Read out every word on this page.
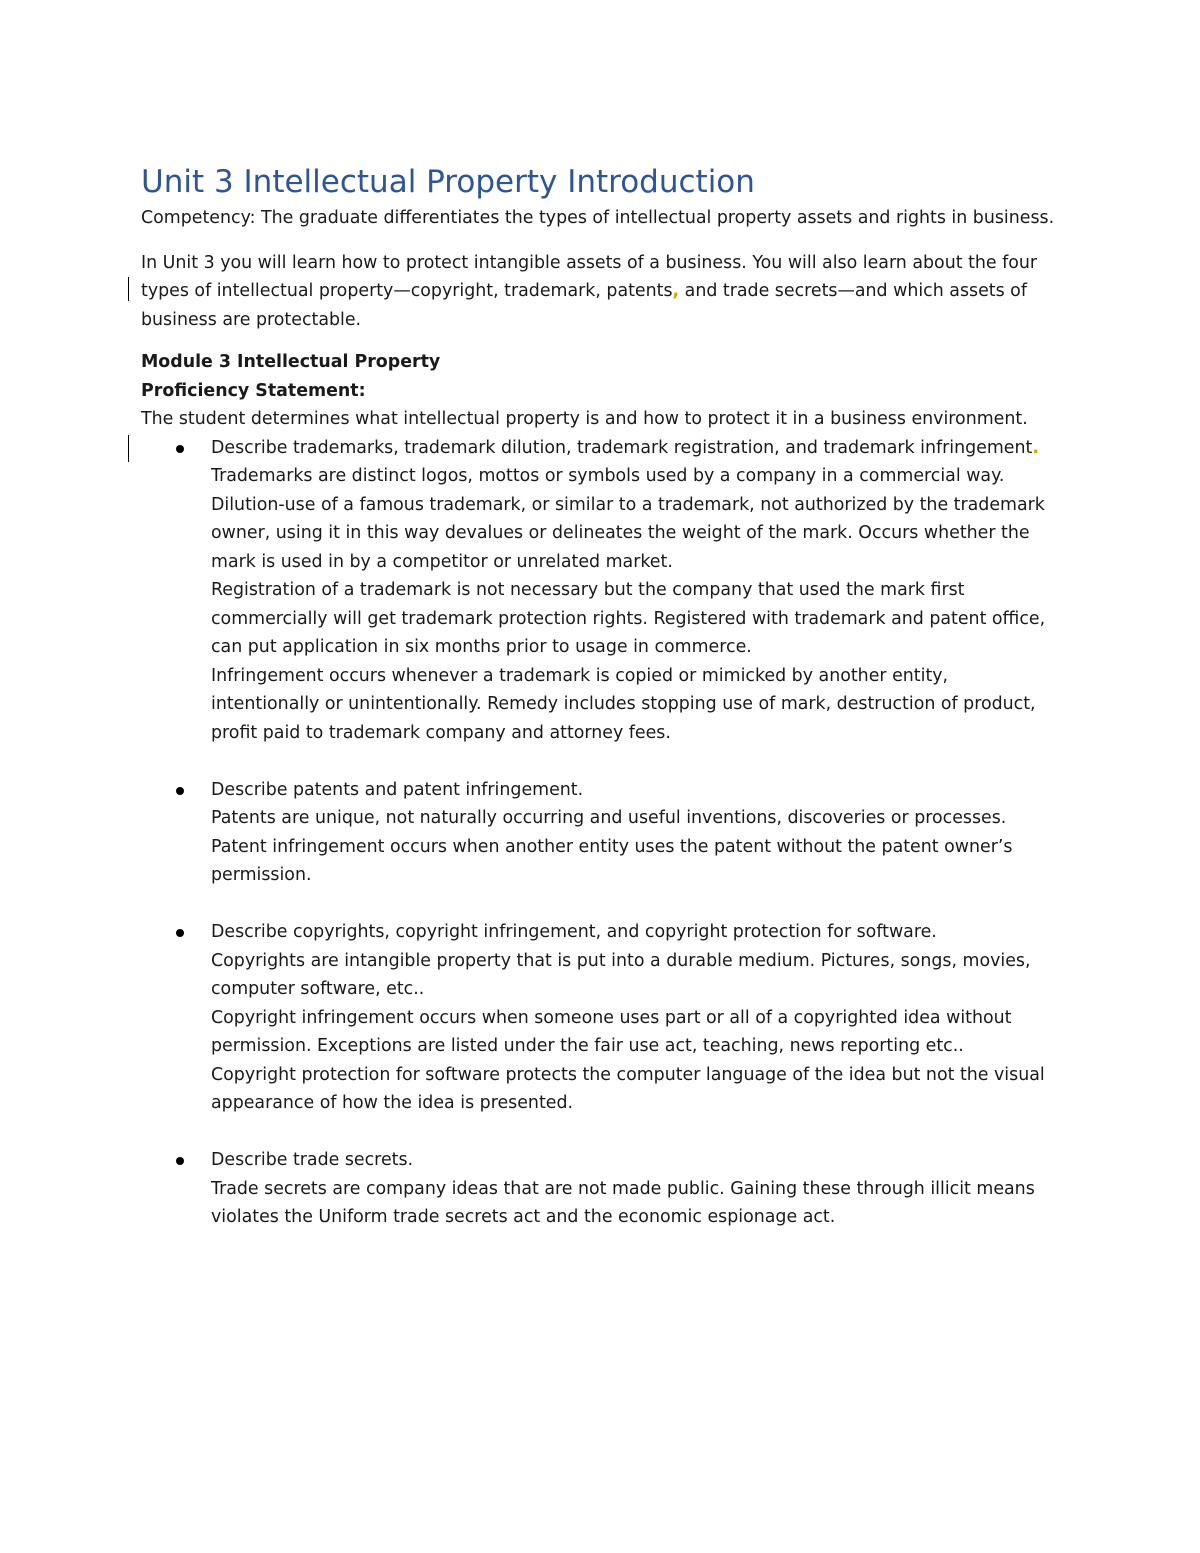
Unit 3 Intellectual Property Introduction

Competency: The graduate differentiates the types of intellectual property assets and rights in business.

In Unit 3 you will learn how to protect intangible assets of a business. You will also learn about the four types of intellectual property—copyright, trademark, patents, and trade secrets—and which assets of business are protectable.

Module 3 Intellectual Property

Proficiency Statement:

The student determines what intellectual property is and how to protect it in a business environment.

Describe trademarks, trademark dilution, trademark registration, and trademark infringement.
Trademarks are distinct logos, mottos or symbols used by a company in a commercial way.
Dilution-use of a famous trademark, or similar to a trademark, not authorized by the trademark owner, using it in this way devalues or delineates the weight of the mark. Occurs whether the mark is used in by a competitor or unrelated market.
Registration of a trademark is not necessary but the company that used the mark first commercially will get trademark protection rights. Registered with trademark and patent office, can put application in six months prior to usage in commerce.
Infringement occurs whenever a trademark is copied or mimicked by another entity, intentionally or unintentionally. Remedy includes stopping use of mark, destruction of product, profit paid to trademark company and attorney fees.
Describe patents and patent infringement.
Patents are unique, not naturally occurring and useful inventions, discoveries or processes.
Patent infringement occurs when another entity uses the patent without the patent owner’s permission.
Describe copyrights, copyright infringement, and copyright protection for software.
Copyrights are intangible property that is put into a durable medium. Pictures, songs, movies, computer software, etc..
Copyright infringement occurs when someone uses part or all of a copyrighted idea without permission. Exceptions are listed under the fair use act, teaching, news reporting etc..
Copyright protection for software protects the computer language of the idea but not the visual appearance of how the idea is presented.
Describe trade secrets.
Trade secrets are company ideas that are not made public. Gaining these through illicit means violates the Uniform trade secrets act and the economic espionage act.
